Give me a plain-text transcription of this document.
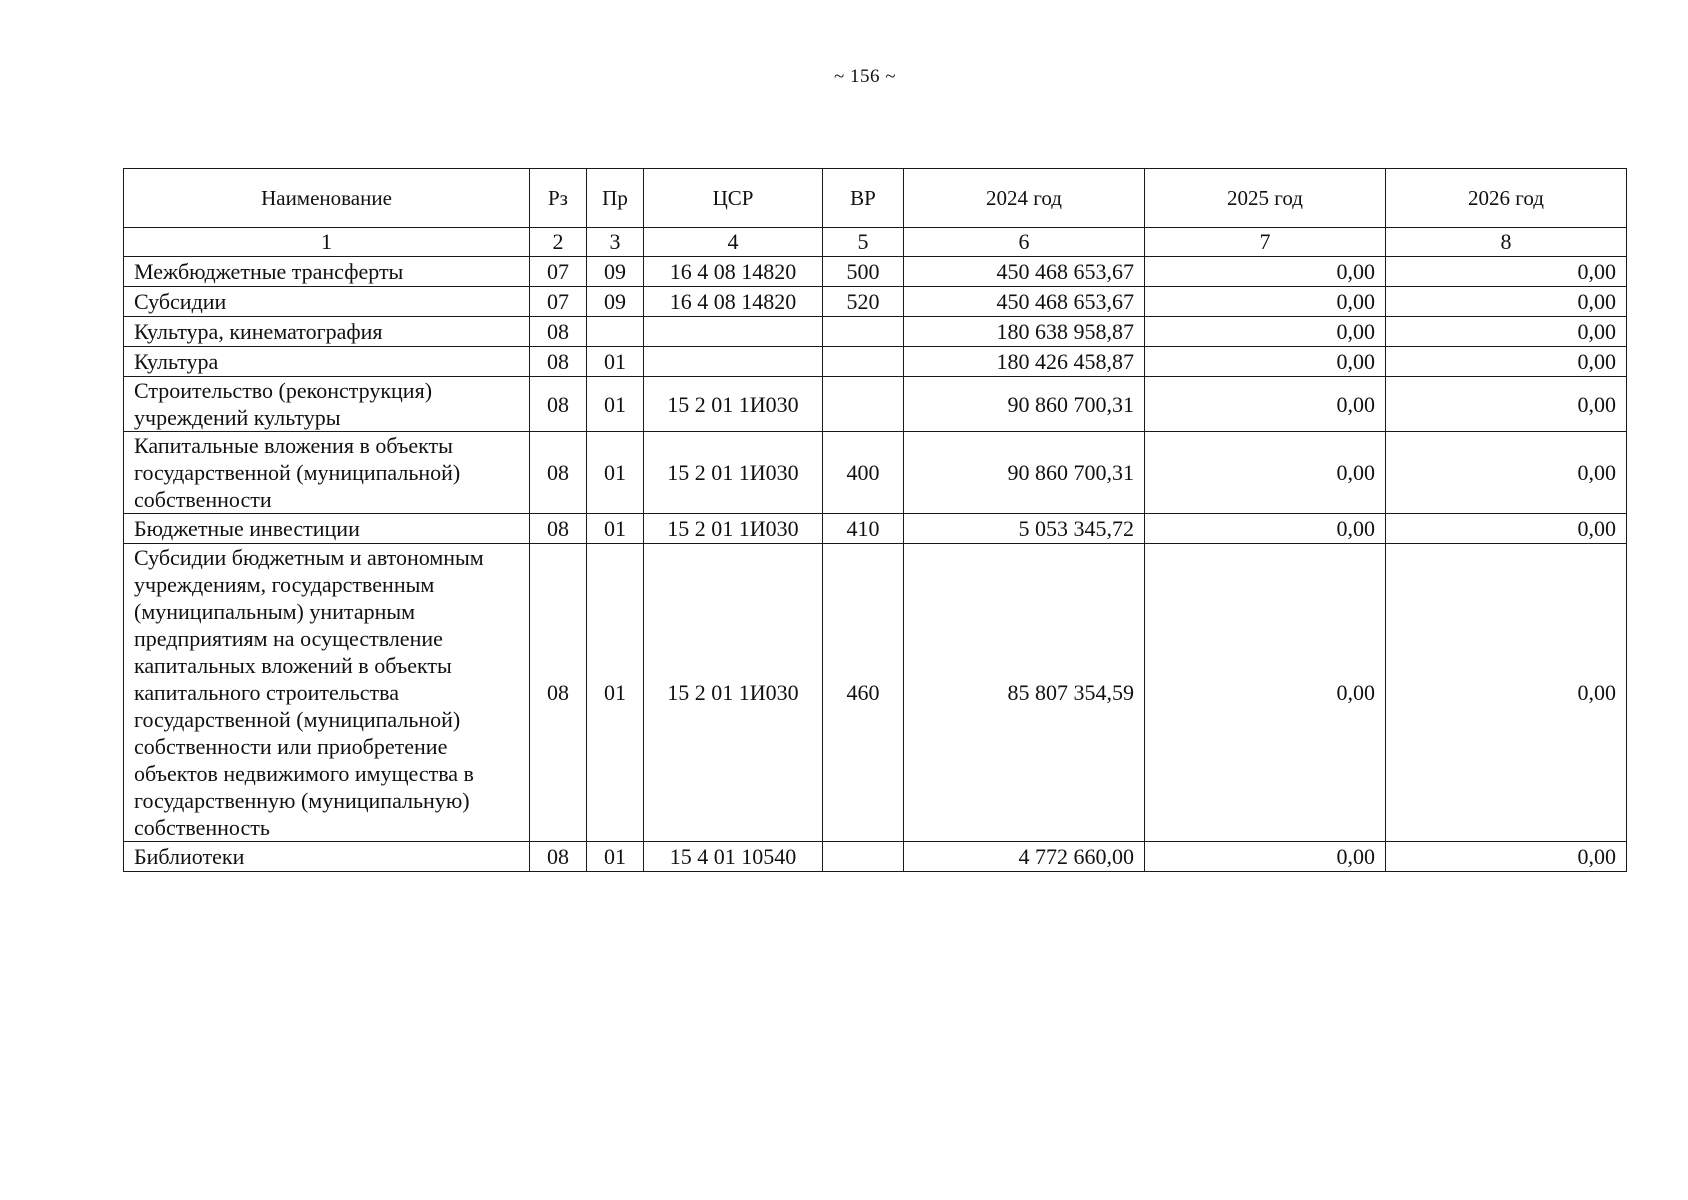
~ 156 ~
Наименование	Рз	Пр	ЦСР	ВР	2024 год	2025 год	2026 год
1	2	3	4	5	6	7	8
Межбюджетные трансферты	07	09	16 4 08 14820	500	450 468 653,67	0,00	0,00
Субсидии	07	09	16 4 08 14820	520	450 468 653,67	0,00	0,00
Культура, кинематография	08				180 638 958,87	0,00	0,00
Культура	08	01			180 426 458,87	0,00	0,00
Строительство (реконструкция) учреждений культуры	08	01	15 2 01 1И030		90 860 700,31	0,00	0,00
Капитальные вложения в объекты государственной (муниципальной) собственности	08	01	15 2 01 1И030	400	90 860 700,31	0,00	0,00
Бюджетные инвестиции	08	01	15 2 01 1И030	410	5 053 345,72	0,00	0,00
Субсидии бюджетным и автономным учреждениям, государственным (муниципальным) унитарным предприятиям на осуществление капитальных вложений в объекты капитального строительства государственной (муниципальной) собственности или приобретение объектов недвижимого имущества в государственную (муниципальную) собственность	08	01	15 2 01 1И030	460	85 807 354,59	0,00	0,00
Библиотеки	08	01	15 4 01 10540		4 772 660,00	0,00	0,00
